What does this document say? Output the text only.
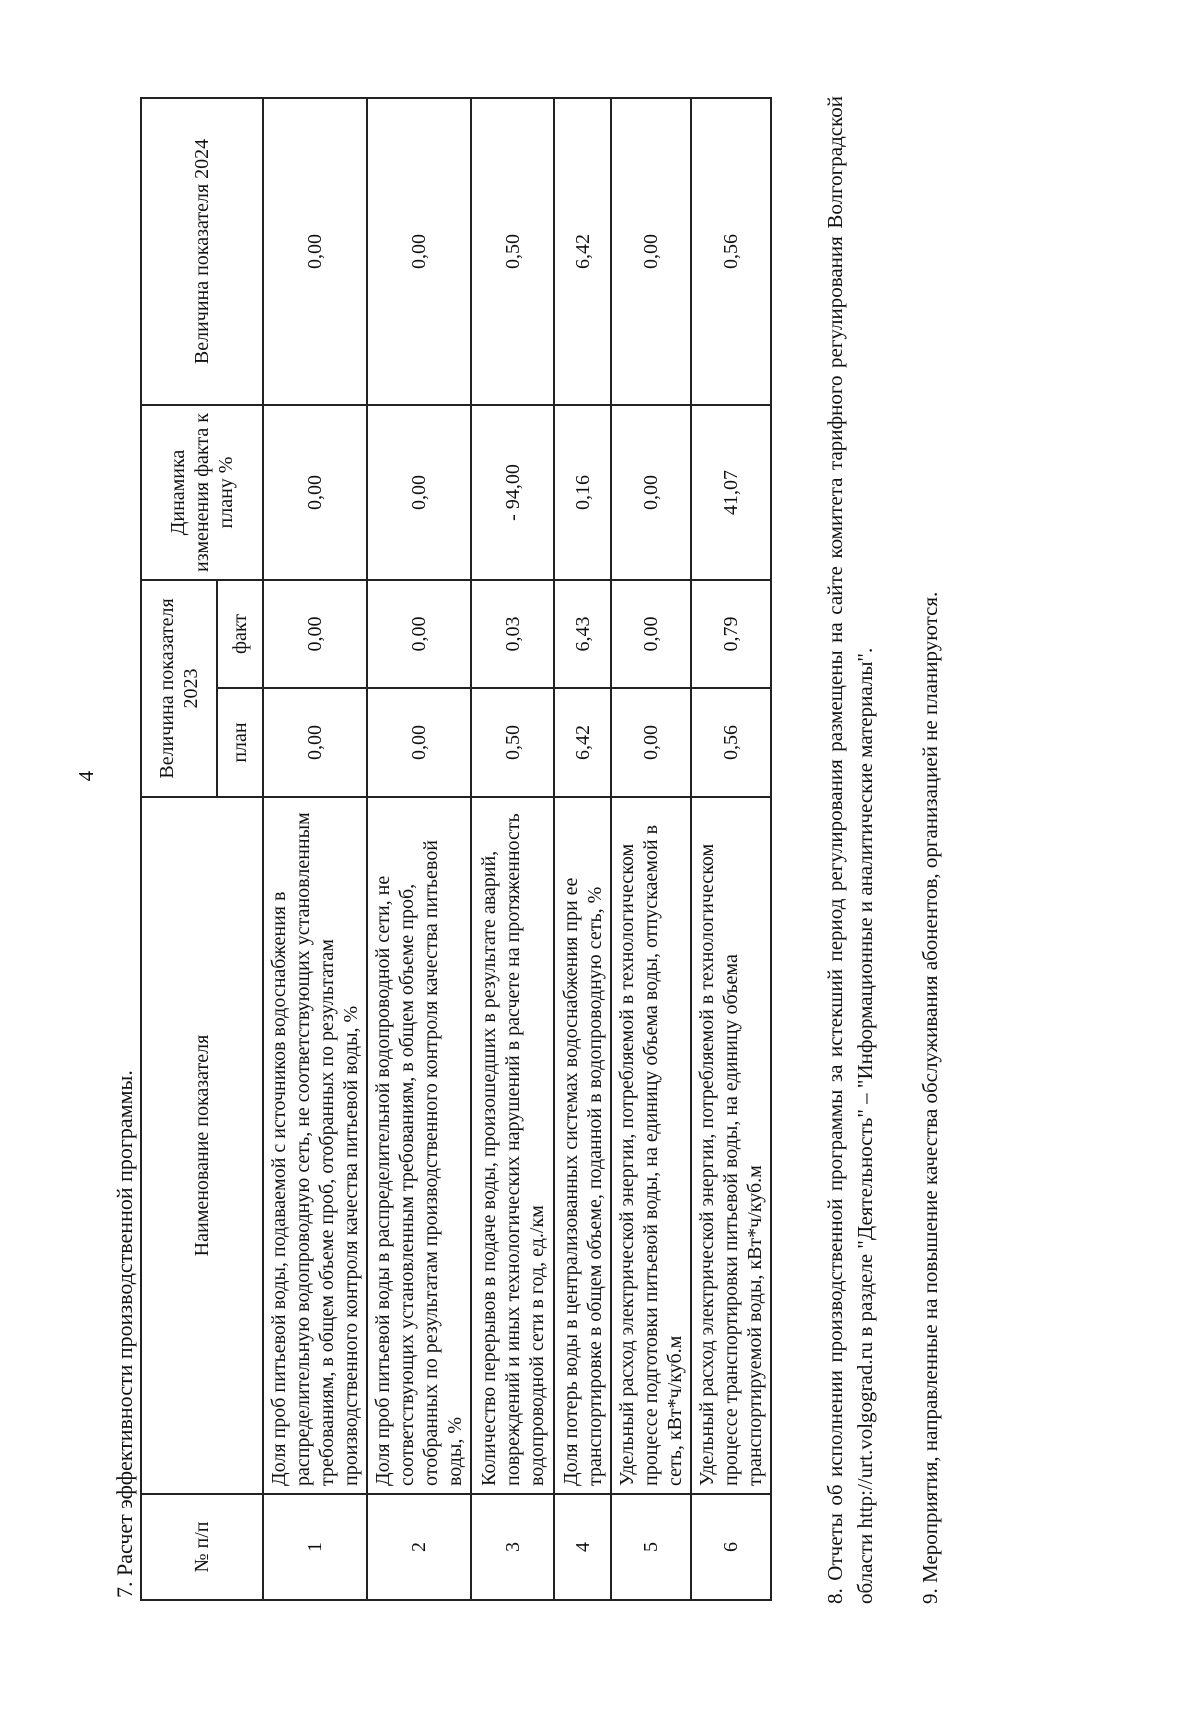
4
7. Расчет эффективности производственной программы.	№ п/п	Наименование показателя	Величина показателя 2023		Динамика изменения факта к плану %	Величина показателя 2024
		план	факт		
1	Доля проб питьевой воды, подаваемой с источников водоснабжения в распределительную водопроводную сеть, не соответствующих установленным требованиям, в общем объеме проб, отобранных по результатам производственного контроля качества питьевой воды, %	0,00	0,00	0,00	0,00
2	Доля проб питьевой воды в распределительной водопроводной сети, не соответствующих установленным требованиям, в общем объеме проб, отобранных по результатам производственного контроля качества питьевой воды, %	0,00	0,00	0,00	0,00
3	Количество перерывов в подаче воды, произошедших в результате аварий, повреждений и иных технологических нарушений в расчете на протяженность водопроводной сети в год, ед./км	0,50	0,03	- 94,00	0,50
4	Доля потерь воды в централизованных системах водоснабжения при ее транспортировке в общем объеме, поданной в водопроводную сеть, %	6,42	6,43	0,16	6,42
5	Удельный расход электрической энергии, потребляемой в технологическом процессе подготовки питьевой воды, на единицу объема воды, отпускаемой в сеть, кВт*ч/куб.м	0,00	0,00	0,00	0,00
6	Удельный расход электрической энергии, потребляемой в технологическом процессе транспортировки питьевой воды, на единицу объема транспортируемой воды, кВт*ч/куб.м	0,56	0,79	41,07	0,56	8. Отчеты об исполнении производственной программы за истекший период регулирования размещены на сайте комитета тарифного регулирования Волгоградской области http://urt.volgograd.ru в разделе "Деятельность" – "Информационные и аналитические материалы". 9. Мероприятия, направленные на повышение качества обслуживания абонентов, организацией не планируются.
